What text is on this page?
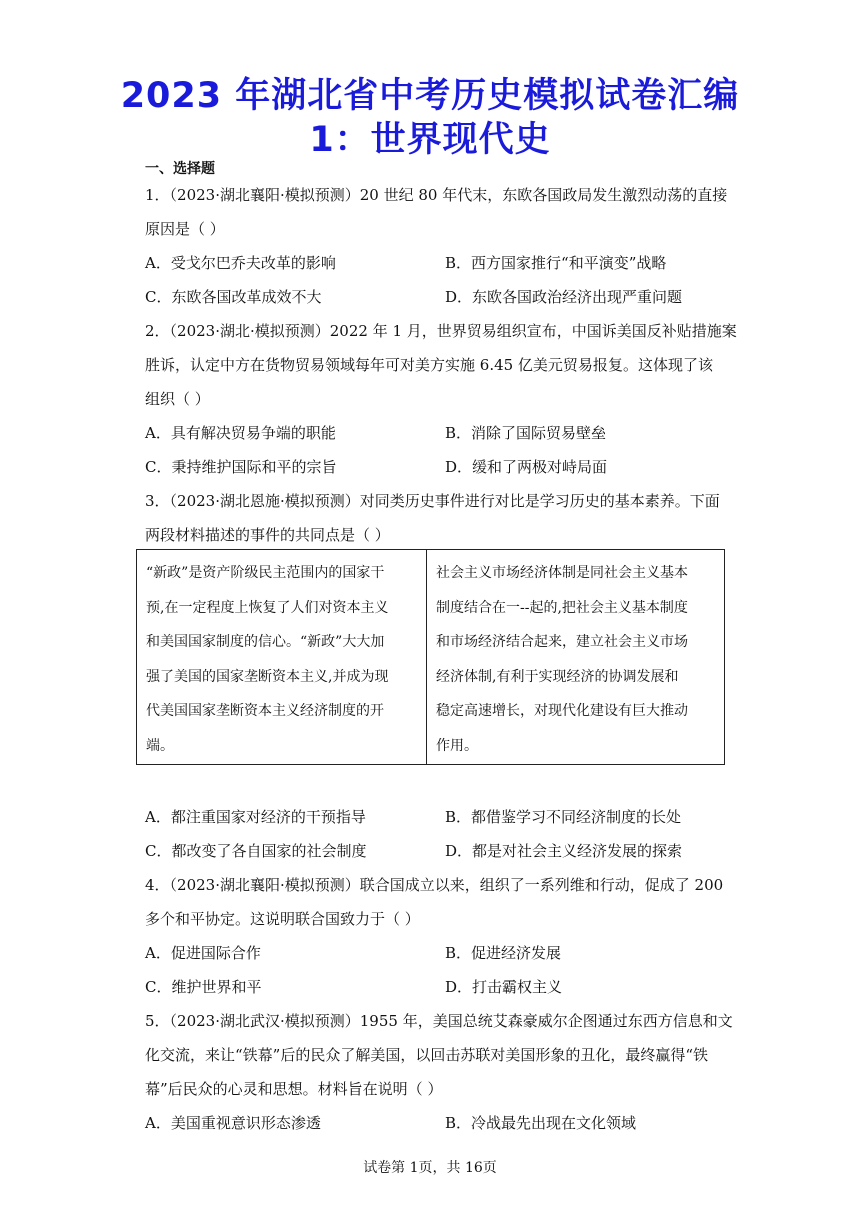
2023 年湖北省中考历史模拟试卷汇编
1：世界现代史
一、选择题
1．（2023·湖北襄阳·模拟预测）20 世纪 80 年代末，东欧各国政局发生激烈动荡的直接
原因是（ ）
A．受戈尔巴乔夫改革的影响	B．西方国家推行“和平演变”战略
C．东欧各国改革成效不大	D．东欧各国政治经济出现严重问题
2．（2023·湖北·模拟预测）2022 年 1 月，世界贸易组织宣布，中国诉美国反补贴措施案
胜诉，认定中方在货物贸易领域每年可对美方实施 6.45 亿美元贸易报复。这体现了该
组织（ ）
A．具有解决贸易争端的职能	B．消除了国际贸易壁垒
C．秉持维护国际和平的宗旨	D．缓和了两极对峙局面
3．（2023·湖北恩施·模拟预测）对同类历史事件进行对比是学习历史的基本素养。下面
两段材料描述的事件的共同点是（ ）
“新政”是资产阶级民主范围内的国家干
预,在一定程度上恢复了人们对资本主义
和美国国家制度的信心。“新政”大大加
强了美国的国家垄断资本主义,并成为现
代美国国家垄断资本主义经济制度的开
端。

社会主义市场经济体制是同社会主义基本
制度结合在一--起的,把社会主义基本制度
和市场经济结合起来，建立社会主义市场
经济体制,有利于实现经济的协调发展和
稳定高速增长，对现代化建设有巨大推动
作用。
A．都注重国家对经济的干预指导	B．都借鉴学习不同经济制度的长处
C．都改变了各自国家的社会制度	D．都是对社会主义经济发展的探索
4．（2023·湖北襄阳·模拟预测）联合国成立以来，组织了一系列维和行动，促成了 200
多个和平协定。这说明联合国致力于（ ）
A．促进国际合作	B．促进经济发展
C．维护世界和平	D．打击霸权主义
5．（2023·湖北武汉·模拟预测）1955 年，美国总统艾森豪威尔企图通过东西方信息和文
化交流，来让“铁幕”后的民众了解美国，以回击苏联对美国形象的丑化，最终赢得“铁
幕”后民众的心灵和思想。材料旨在说明（ ）
A．美国重视意识形态渗透	B．冷战最先出现在文化领域
试卷第 1页，共 16页
